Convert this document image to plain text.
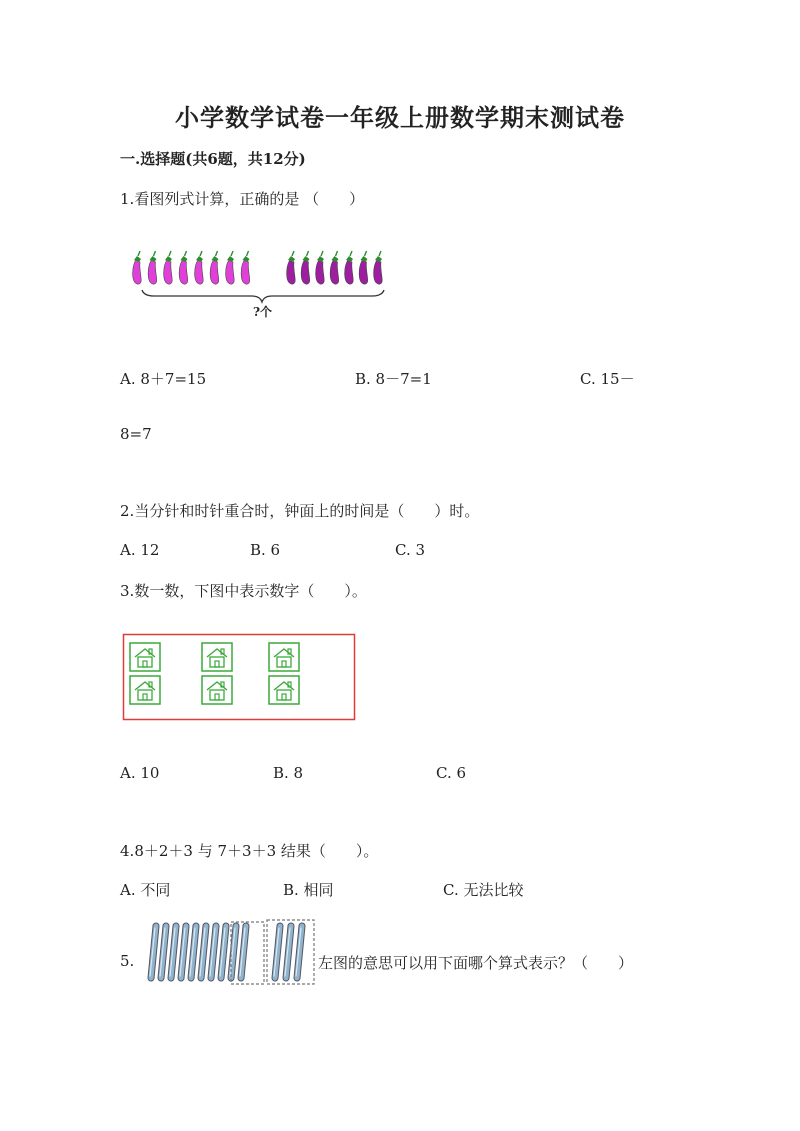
小学数学试卷一年级上册数学期末测试卷
一.选择题(共6题，共12分)
1.看图列式计算，正确的是 （　　）
?个
A. 8＋7=15	B. 8－7=1	C. 15－
8=7
2.当分针和时针重合时，钟面上的时间是（　　）时。
A. 12	B. 6	C. 3
3.数一数，下图中表示数字（　　）。
A. 10	B. 8	C. 6
4.8＋2＋3 与 7＋3＋3 结果（　　）。
A. 不同	B. 相同	C. 无法比较
5.	左图的意思可以用下面哪个算式表示？（　　）
